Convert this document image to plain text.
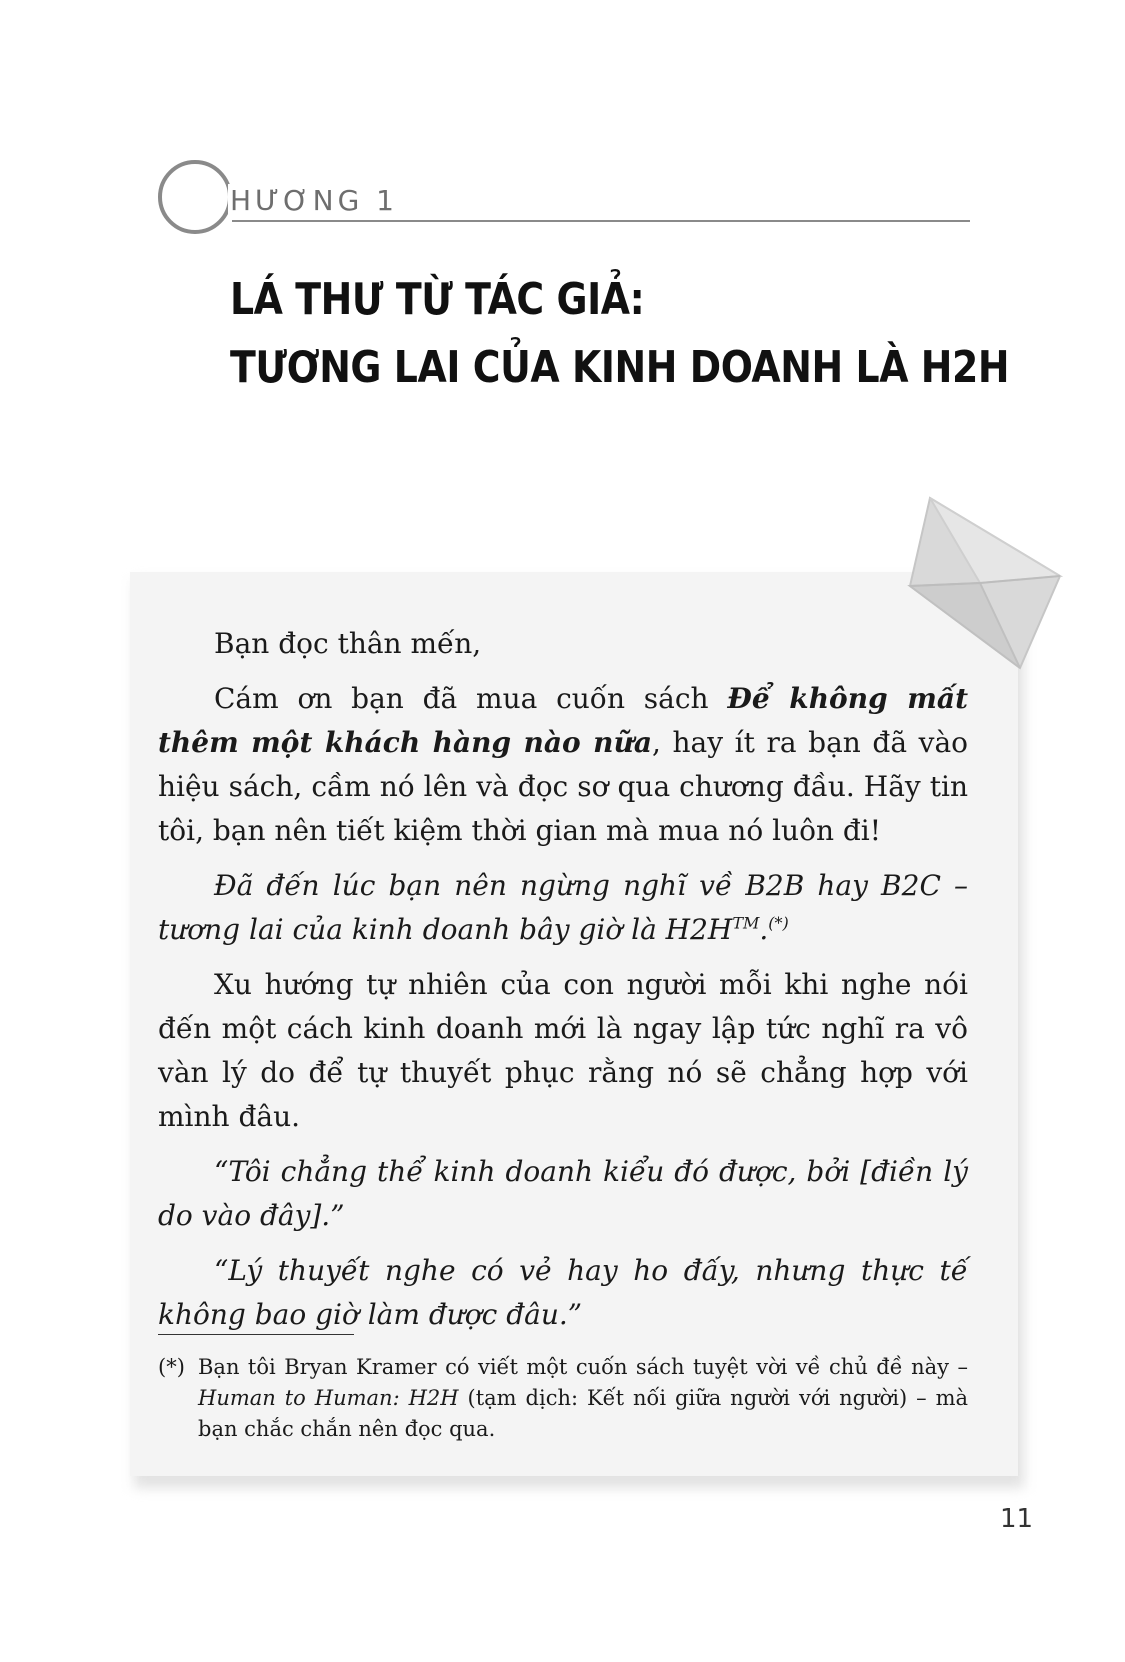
HƯƠNG 1
LÁ THƯ TỪ TÁC GIẢ:
TƯƠNG LAI CỦA KINH DOANH LÀ H2H

Bạn đọc thân mến,

Cám ơn bạn đã mua cuốn sách Để không mất thêm một khách hàng nào nữa, hay ít ra bạn đã vào hiệu sách, cầm nó lên và đọc sơ qua chương đầu. Hãy tin tôi, bạn nên tiết kiệm thời gian mà mua nó luôn đi!

Đã đến lúc bạn nên ngừng nghĩ về B2B hay B2C – tương lai của kinh doanh bây giờ là H2H™.(*)

Xu hướng tự nhiên của con người mỗi khi nghe nói đến một cách kinh doanh mới là ngay lập tức nghĩ ra vô vàn lý do để tự thuyết phục rằng nó sẽ chẳng hợp với mình đâu.

“Tôi chẳng thể kinh doanh kiểu đó được, bởi [điền lý do vào đây].”

“Lý thuyết nghe có vẻ hay ho đấy, nhưng thực tế không bao giờ làm được đâu.”

(*) Bạn tôi Bryan Kramer có viết một cuốn sách tuyệt vời về chủ đề này – Human to Human: H2H (tạm dịch: Kết nối giữa người với người) – mà bạn chắc chắn nên đọc qua.
11
